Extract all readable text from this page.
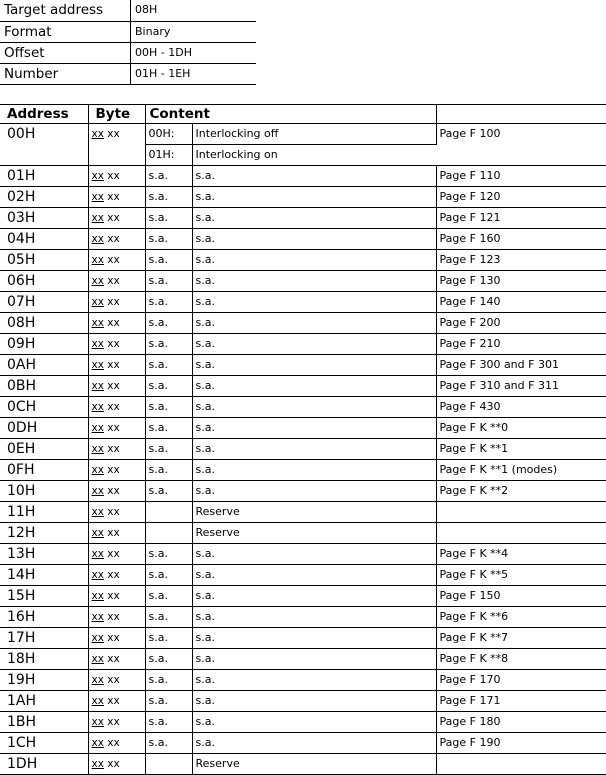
Target address	08H
Format	Binary
Offset	00H - 1DH
Number	01H - 1EH
Address	Byte	Content		
00H	xx xx	00H:	Interlocking off	Page F 100
		01H:	Interlocking on	
01H	xx xx	s.a.	s.a.	Page F 110
02H	xx xx	s.a.	s.a.	Page F 120
03H	xx xx	s.a.	s.a.	Page F 121
04H	xx xx	s.a.	s.a.	Page F 160
05H	xx xx	s.a.	s.a.	Page F 123
06H	xx xx	s.a.	s.a.	Page F 130
07H	xx xx	s.a.	s.a.	Page F 140
08H	xx xx	s.a.	s.a.	Page F 200
09H	xx xx	s.a.	s.a.	Page F 210
0AH	xx xx	s.a.	s.a.	Page F 300 and F 301
0BH	xx xx	s.a.	s.a.	Page F 310 and F 311
0CH	xx xx	s.a.	s.a.	Page F 430
0DH	xx xx	s.a.	s.a.	Page F K **0
0EH	xx xx	s.a.	s.a.	Page F K **1
0FH	xx xx	s.a.	s.a.	Page F K **1 (modes)
10H	xx xx	s.a.	s.a.	Page F K **2
11H	xx xx		Reserve	
12H	xx xx		Reserve	
13H	xx xx	s.a.	s.a.	Page F K **4
14H	xx xx	s.a.	s.a.	Page F K **5
15H	xx xx	s.a.	s.a.	Page F 150
16H	xx xx	s.a.	s.a.	Page F K **6
17H	xx xx	s.a.	s.a.	Page F K **7
18H	xx xx	s.a.	s.a.	Page F K **8
19H	xx xx	s.a.	s.a.	Page F 170
1AH	xx xx	s.a.	s.a.	Page F 171
1BH	xx xx	s.a.	s.a.	Page F 180
1CH	xx xx	s.a.	s.a.	Page F 190
1DH	xx xx		Reserve	
